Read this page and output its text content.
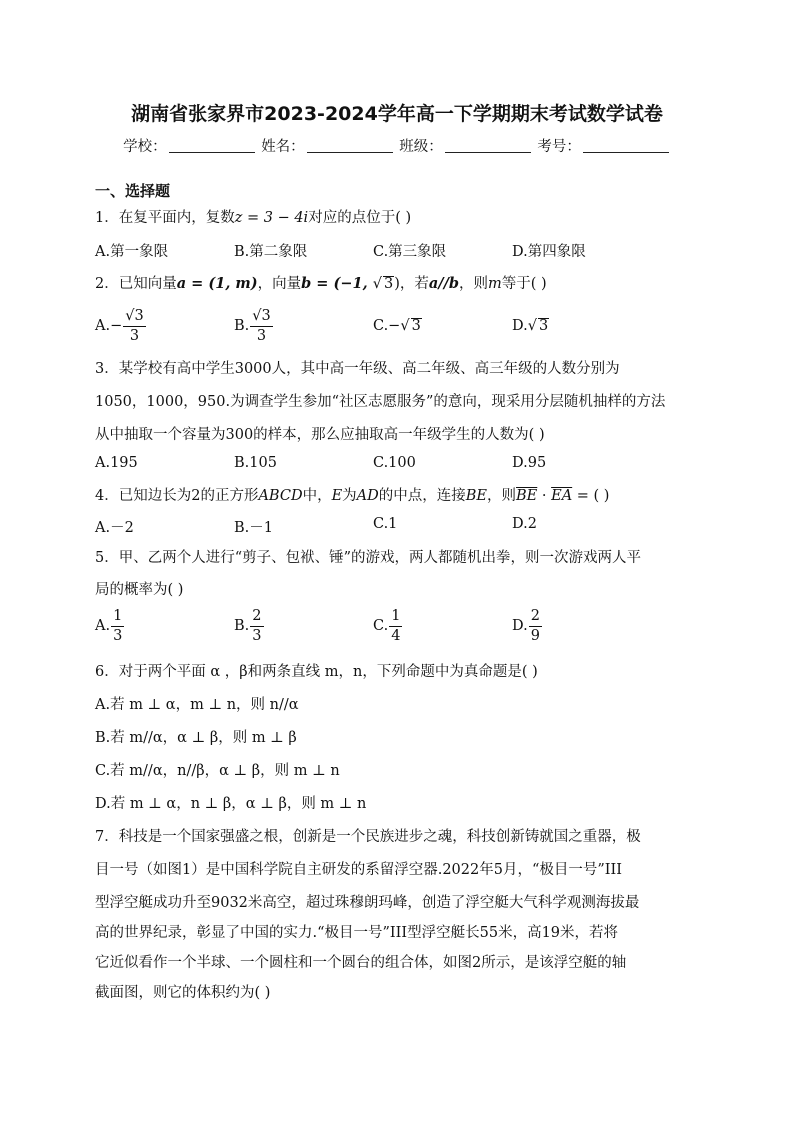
湖南省张家界市2023-2024学年高一下学期期末考试数学试卷
学校：	姓名：	班级：	考号：
一、选择题
1．在复平面内，复数z = 3 − 4i对应的点位于( )
A.第一象限	B.第二象限	C.第三象限	D.第四象限
2．已知向量a = (1, m)，向量b = (−1, √ 3)，若a//b，则m等于( )
$A.- \frac{√3}{3}$	B. $\frac{√3}{3}$	C.−√ 3	D.√ 3
3．某学校有高中学生3000人，其中高一年级、高二年级、高三年级的人数分别为
1050，1000，950.为调查学生参加“社区志愿服务”的意向，现采用分层随机抽样的方法
从中抽取一个容量为300的样本，那么应抽取高一年级学生的人数为( )
A.195	B.105	C.100	D.95
4．已知边长为2的正方形ABCD中，E为AD的中点，连接BE，则$\overline{BE} \cdot \overline{EA}$ = ( )
A.－2	B.－1	C.1	D.2
5．甲、乙两个人进行“剪子、包袱、锤”的游戏，两人都随机出拳，则一次游戏两人平
局的概率为( )
A. $\frac{1}{3}$	B. $\frac{2}{3}$	C. $\frac{1}{4}$	D. $\frac{2}{9}$
6．对于两个平面 α ，β和两条直线 m，n，下列命题中为真命题是( )
A.若 m ⊥ α，m ⊥ n，则 n//α
B.若 m//α，α ⊥ β，则 m ⊥ β
C.若 m//α，n//β，α ⊥ β，则 m ⊥ n
D.若 m ⊥ α，n ⊥ β，α ⊥ β，则 m ⊥ n
7．科技是一个国家强盛之根，创新是一个民族进步之魂，科技创新铸就国之重器，极
目一号（如图1）是中国科学院自主研发的系留浮空器.2022年5月，“极目一号”III
型浮空艇成功升至9032米高空，超过珠穆朗玛峰，创造了浮空艇大气科学观测海拔最
高的世界纪录，彰显了中国的实力.“极目一号”III型浮空艇长55米，高19米，若将
它近似看作一个半球、一个圆柱和一个圆台的组合体，如图2所示，是该浮空艇的轴
截面图，则它的体积约为( )
